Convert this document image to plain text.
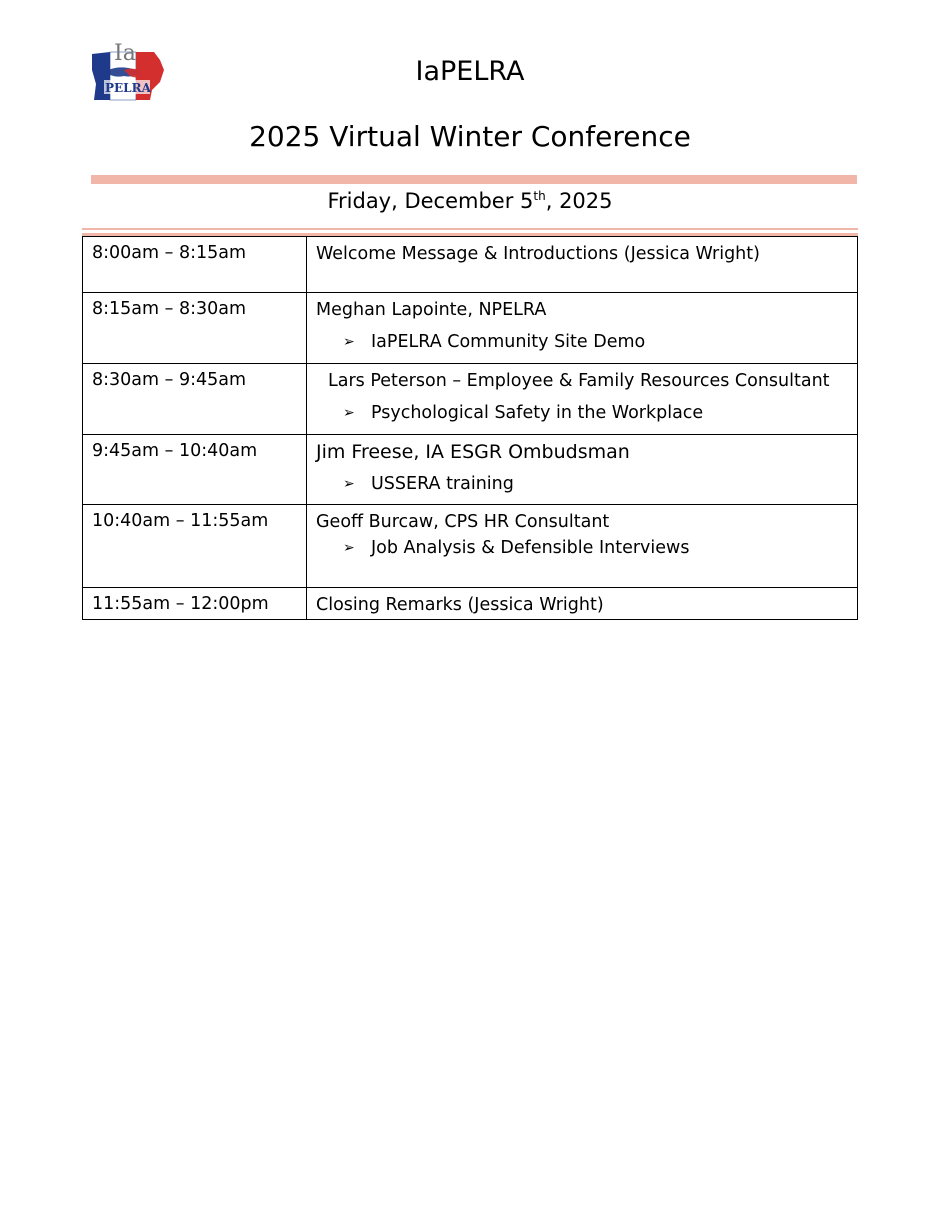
Ia
PELRA
IaPELRA
2025 Virtual Winter Conference
Friday, December 5th, 2025
8:00am – 8:15am	Welcome Message & Introductions (Jessica Wright)

8:15am – 8:30am	Meghan Lapointe, NPELRA
➢ IaPELRA Community Site Demo

8:30am – 9:45am	Lars Peterson – Employee & Family Resources Consultant
➢ Psychological Safety in the Workplace

9:45am – 10:40am	Jim Freese, IA ESGR Ombudsman
➢ USSERA training

10:40am – 11:55am	Geoff Burcaw, CPS HR Consultant
➢ Job Analysis & Defensible Interviews

11:55am – 12:00pm	Closing Remarks (Jessica Wright)
